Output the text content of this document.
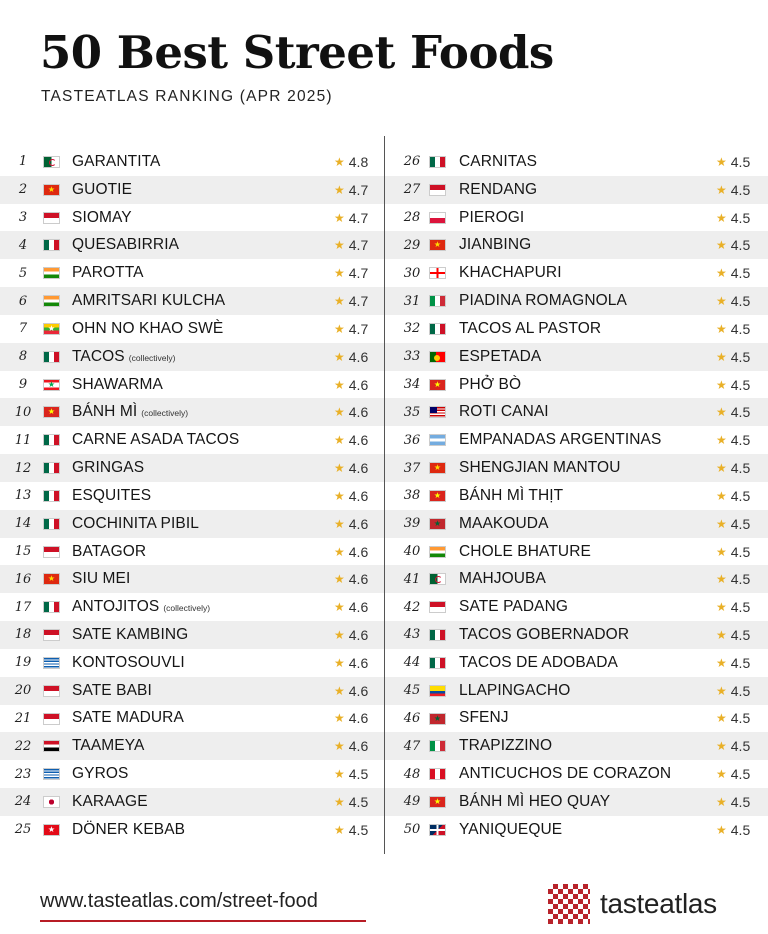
50 Best Street Foods
TASTEATLAS RANKING (APR 2025)
1	GARANTITA	★ 4.8
2	★ GUOTIE	★ 4.7
3	SIOMAY	★ 4.7
4	QUESABIRRIA	★ 4.7
5	PAROTTA	★ 4.7
6	AMRITSARI KULCHA	★ 4.7
7	★ OHN NO KHAO SWÈ	★ 4.7
8	TACOS (collectively)	★ 4.6
9	★ SHAWARMA	★ 4.6
10	★ BÁNH MÌ (collectively)	★ 4.6
11	CARNE ASADA TACOS	★ 4.6
12	GRINGAS	★ 4.6
13	ESQUITES	★ 4.6
14	COCHINITA PIBIL	★ 4.6
15	BATAGOR	★ 4.6
16	★ SIU MEI	★ 4.6
17	ANTOJITOS (collectively)	★ 4.6
18	SATE KAMBING	★ 4.6
19	KONTOSOUVLI	★ 4.6
20	SATE BABI	★ 4.6
21	SATE MADURA	★ 4.6
22	TAAMEYA	★ 4.6
23	GYROS	★ 4.5
24	KARAAGE	★ 4.5
25	★ DÖNER KEBAB	★ 4.5
26	CARNITAS	★ 4.5
27	RENDANG	★ 4.5
28	PIEROGI	★ 4.5
29	★ JIANBING	★ 4.5
30	KHACHAPURI	★ 4.5
31	PIADINA ROMAGNOLA	★ 4.5
32	TACOS AL PASTOR	★ 4.5
33	ESPETADA	★ 4.5
34	★ PHỞ BÒ	★ 4.5
35	ROTI CANAI	★ 4.5
36	EMPANADAS ARGENTINAS	★ 4.5
37	★ SHENGJIAN MANTOU	★ 4.5
38	★ BÁNH MÌ THỊT	★ 4.5
39	★ MAAKOUDA	★ 4.5
40	CHOLE BHATURE	★ 4.5
41	MAHJOUBA	★ 4.5
42	SATE PADANG	★ 4.5
43	TACOS GOBERNADOR	★ 4.5
44	TACOS DE ADOBADA	★ 4.5
45	LLAPINGACHO	★ 4.5
46	★ SFENJ	★ 4.5
47	TRAPIZZINO	★ 4.5
48	ANTICUCHOS DE CORAZON	★ 4.5
49	★ BÁNH MÌ HEO QUAY	★ 4.5
50	YANIQUEQUE	★ 4.5
www.tasteatlas.com/street-food	tasteatlas
